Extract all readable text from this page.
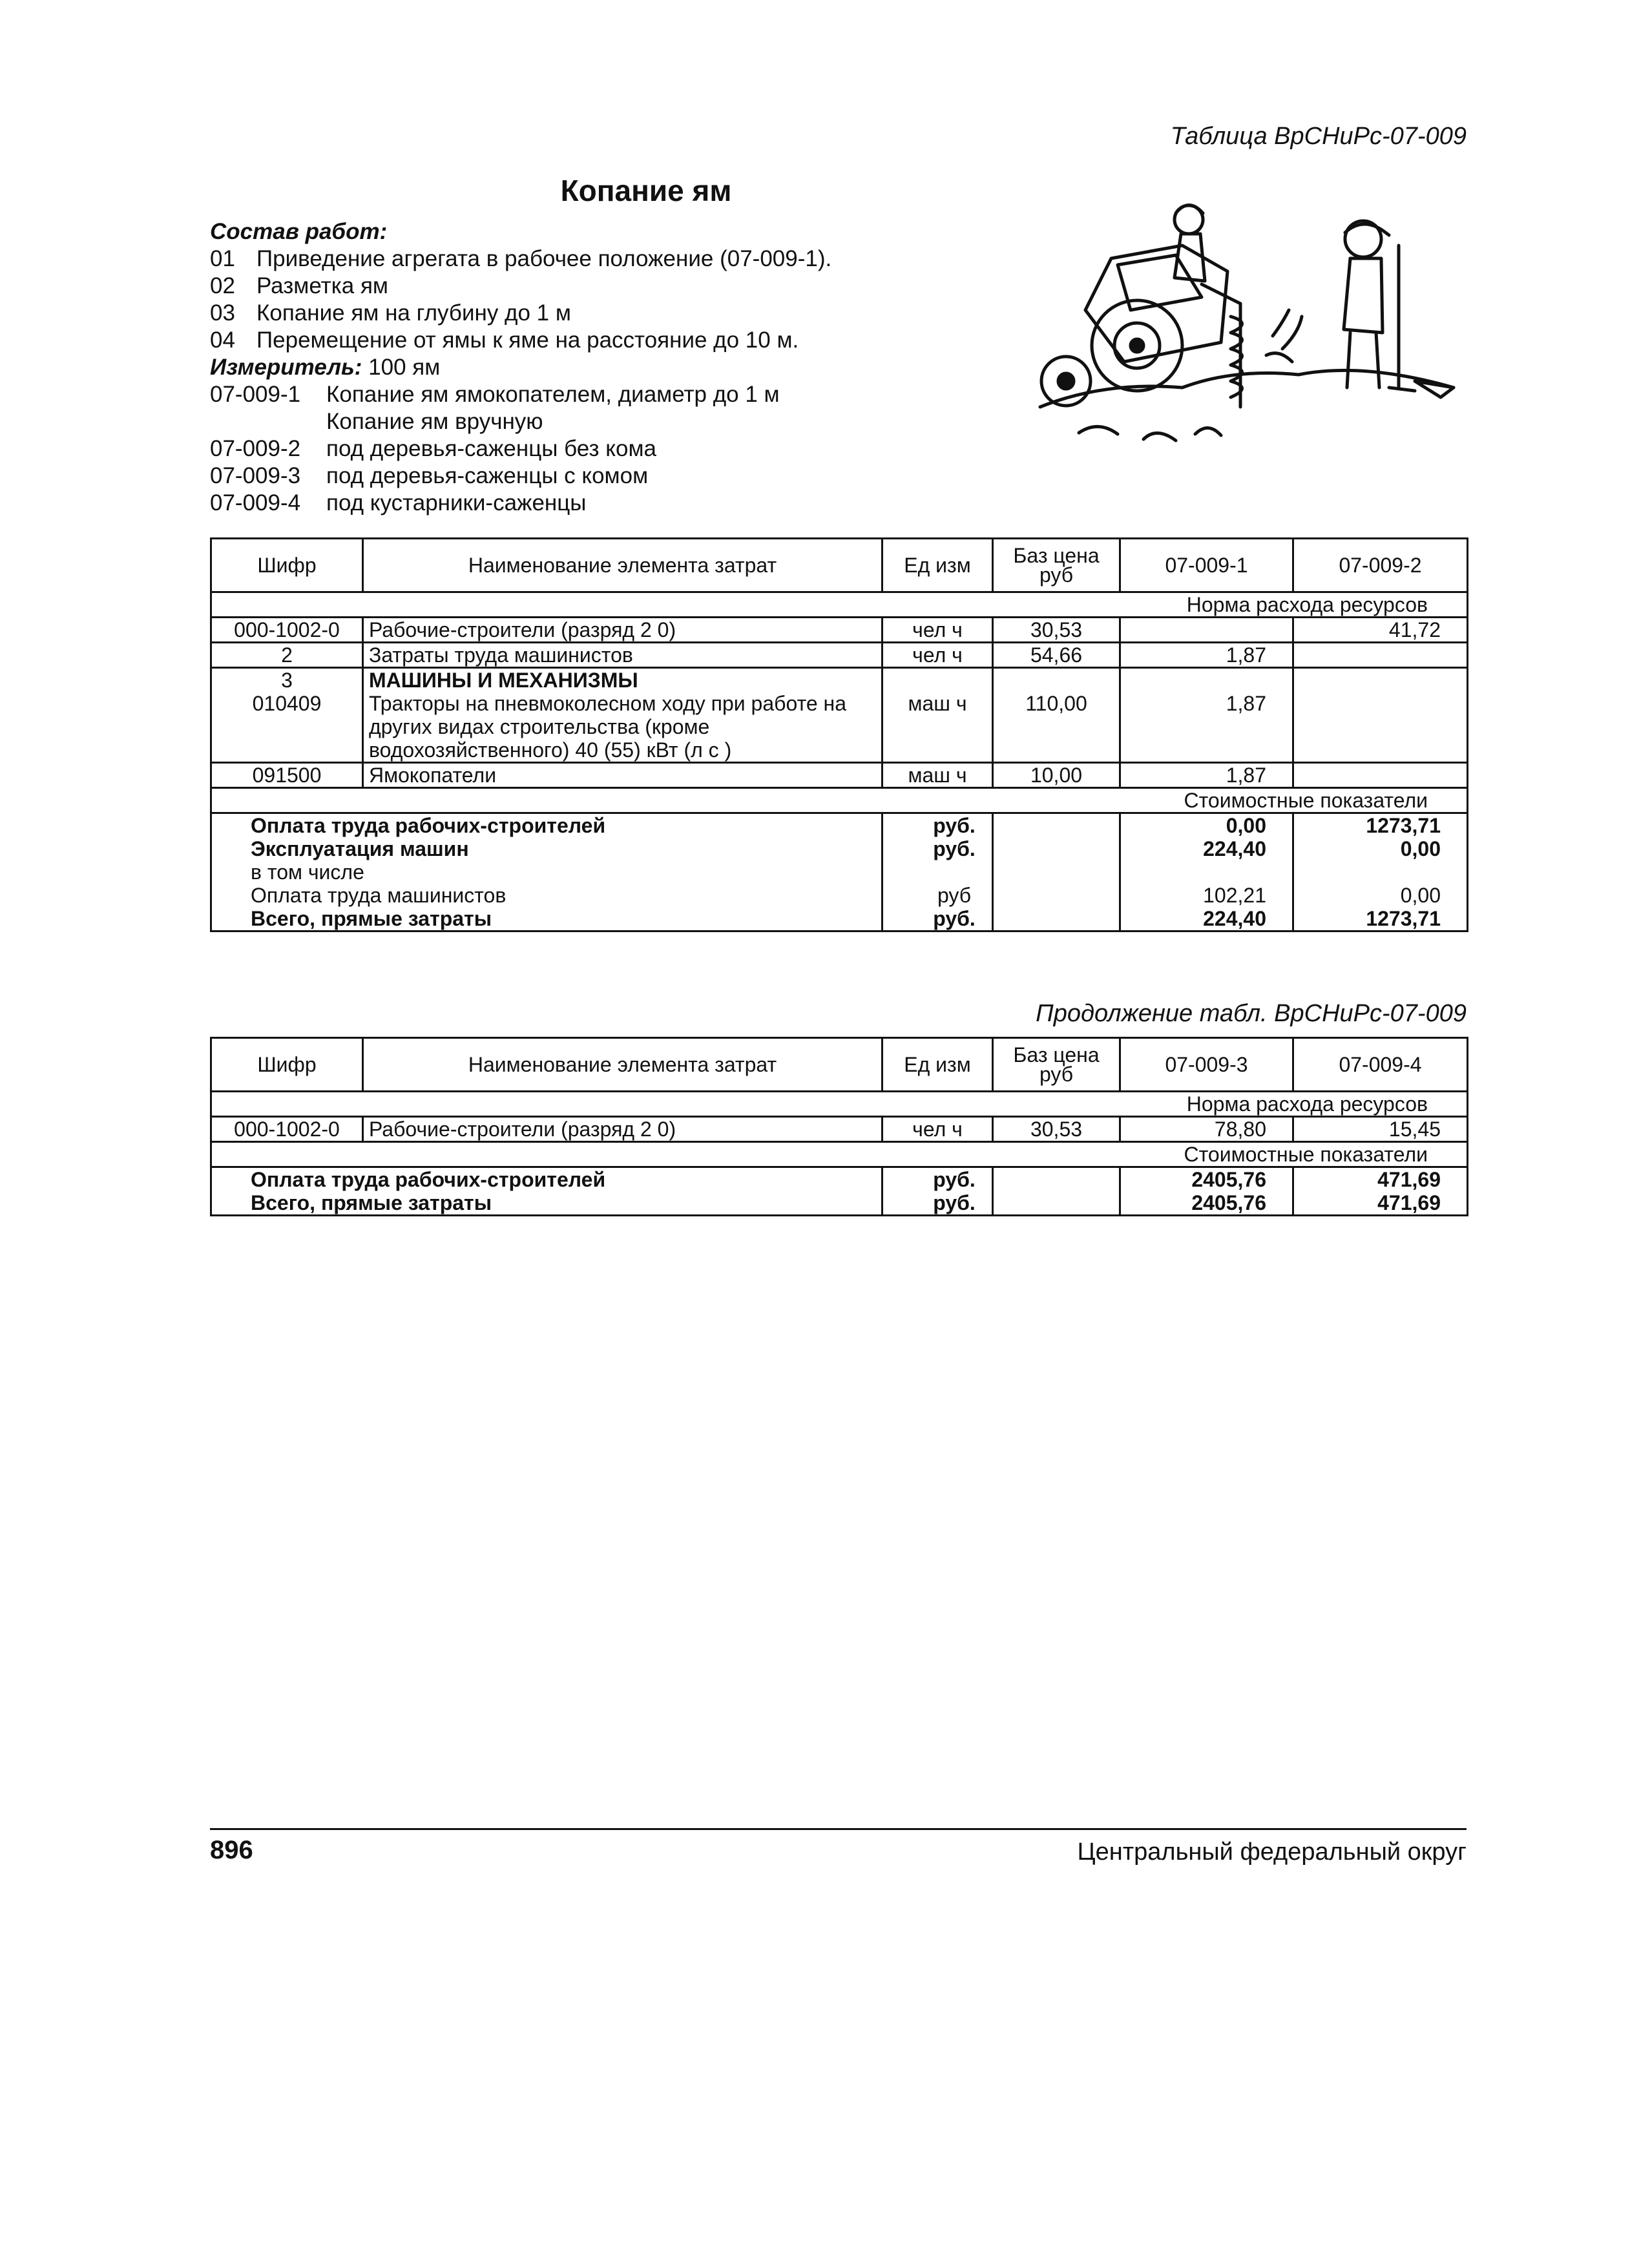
Таблица ВрСНиРс-07-009
Копание ям
Состав работ:
01 Приведение агрегата в рабочее положение (07-009-1).
02 Разметка ям
03 Копание ям на глубину до 1 м
04 Перемещение от ямы к яме на расстояние до 10 м.
Измеритель:
100 ям
07-009-1	Копание ям ямокопателем, диаметр до 1 м
Копание ям вручную
07-009-2	под деревья-саженцы без кома
07-009-3	под деревья-саженцы с комом
07-009-4	под кустарники-саженцы
Шифр	Наименование элемента затрат	Ед изм	Баз цена руб	07-009-1	07-009-2
Норма расхода ресурсов					
000-1002-0	Рабочие-строители (разряд 2 0)	чел ч	30,53		41,72
2	Затраты труда машинистов	чел ч	54,66	1,87	
3	МАШИНЫ И МЕХАНИЗМЫ				
010409	Тракторы на пневмоколесном ходу при работе на других видах строительства (кроме водохозяйственного) 40 (55) кВт (л с )	маш ч	110,00	1,87	
091500	Ямокопатели	маш ч	10,00	1,87	
Стоимостные показатели					
Оплата труда рабочих-строителей		руб.		0,00	1273,71
Эксплуатация машин		руб.		224,40	0,00
в том числе					
Оплата труда машинистов		руб		102,21	0,00
Всего, прямые затраты		руб.		224,40	1273,71
Продолжение табл. ВрСНиРс-07-009
Шифр	Наименование элемента затрат	Ед изм	Баз цена руб	07-009-3	07-009-4
Норма расхода ресурсов					
000-1002-0	Рабочие-строители (разряд 2 0)	чел ч	30,53	78,80	15,45
Стоимостные показатели					
Оплата труда рабочих-строителей		руб.		2405,76	471,69
Всего, прямые затраты		руб.		2405,76	471,69
896	Центральный федеральный округ
